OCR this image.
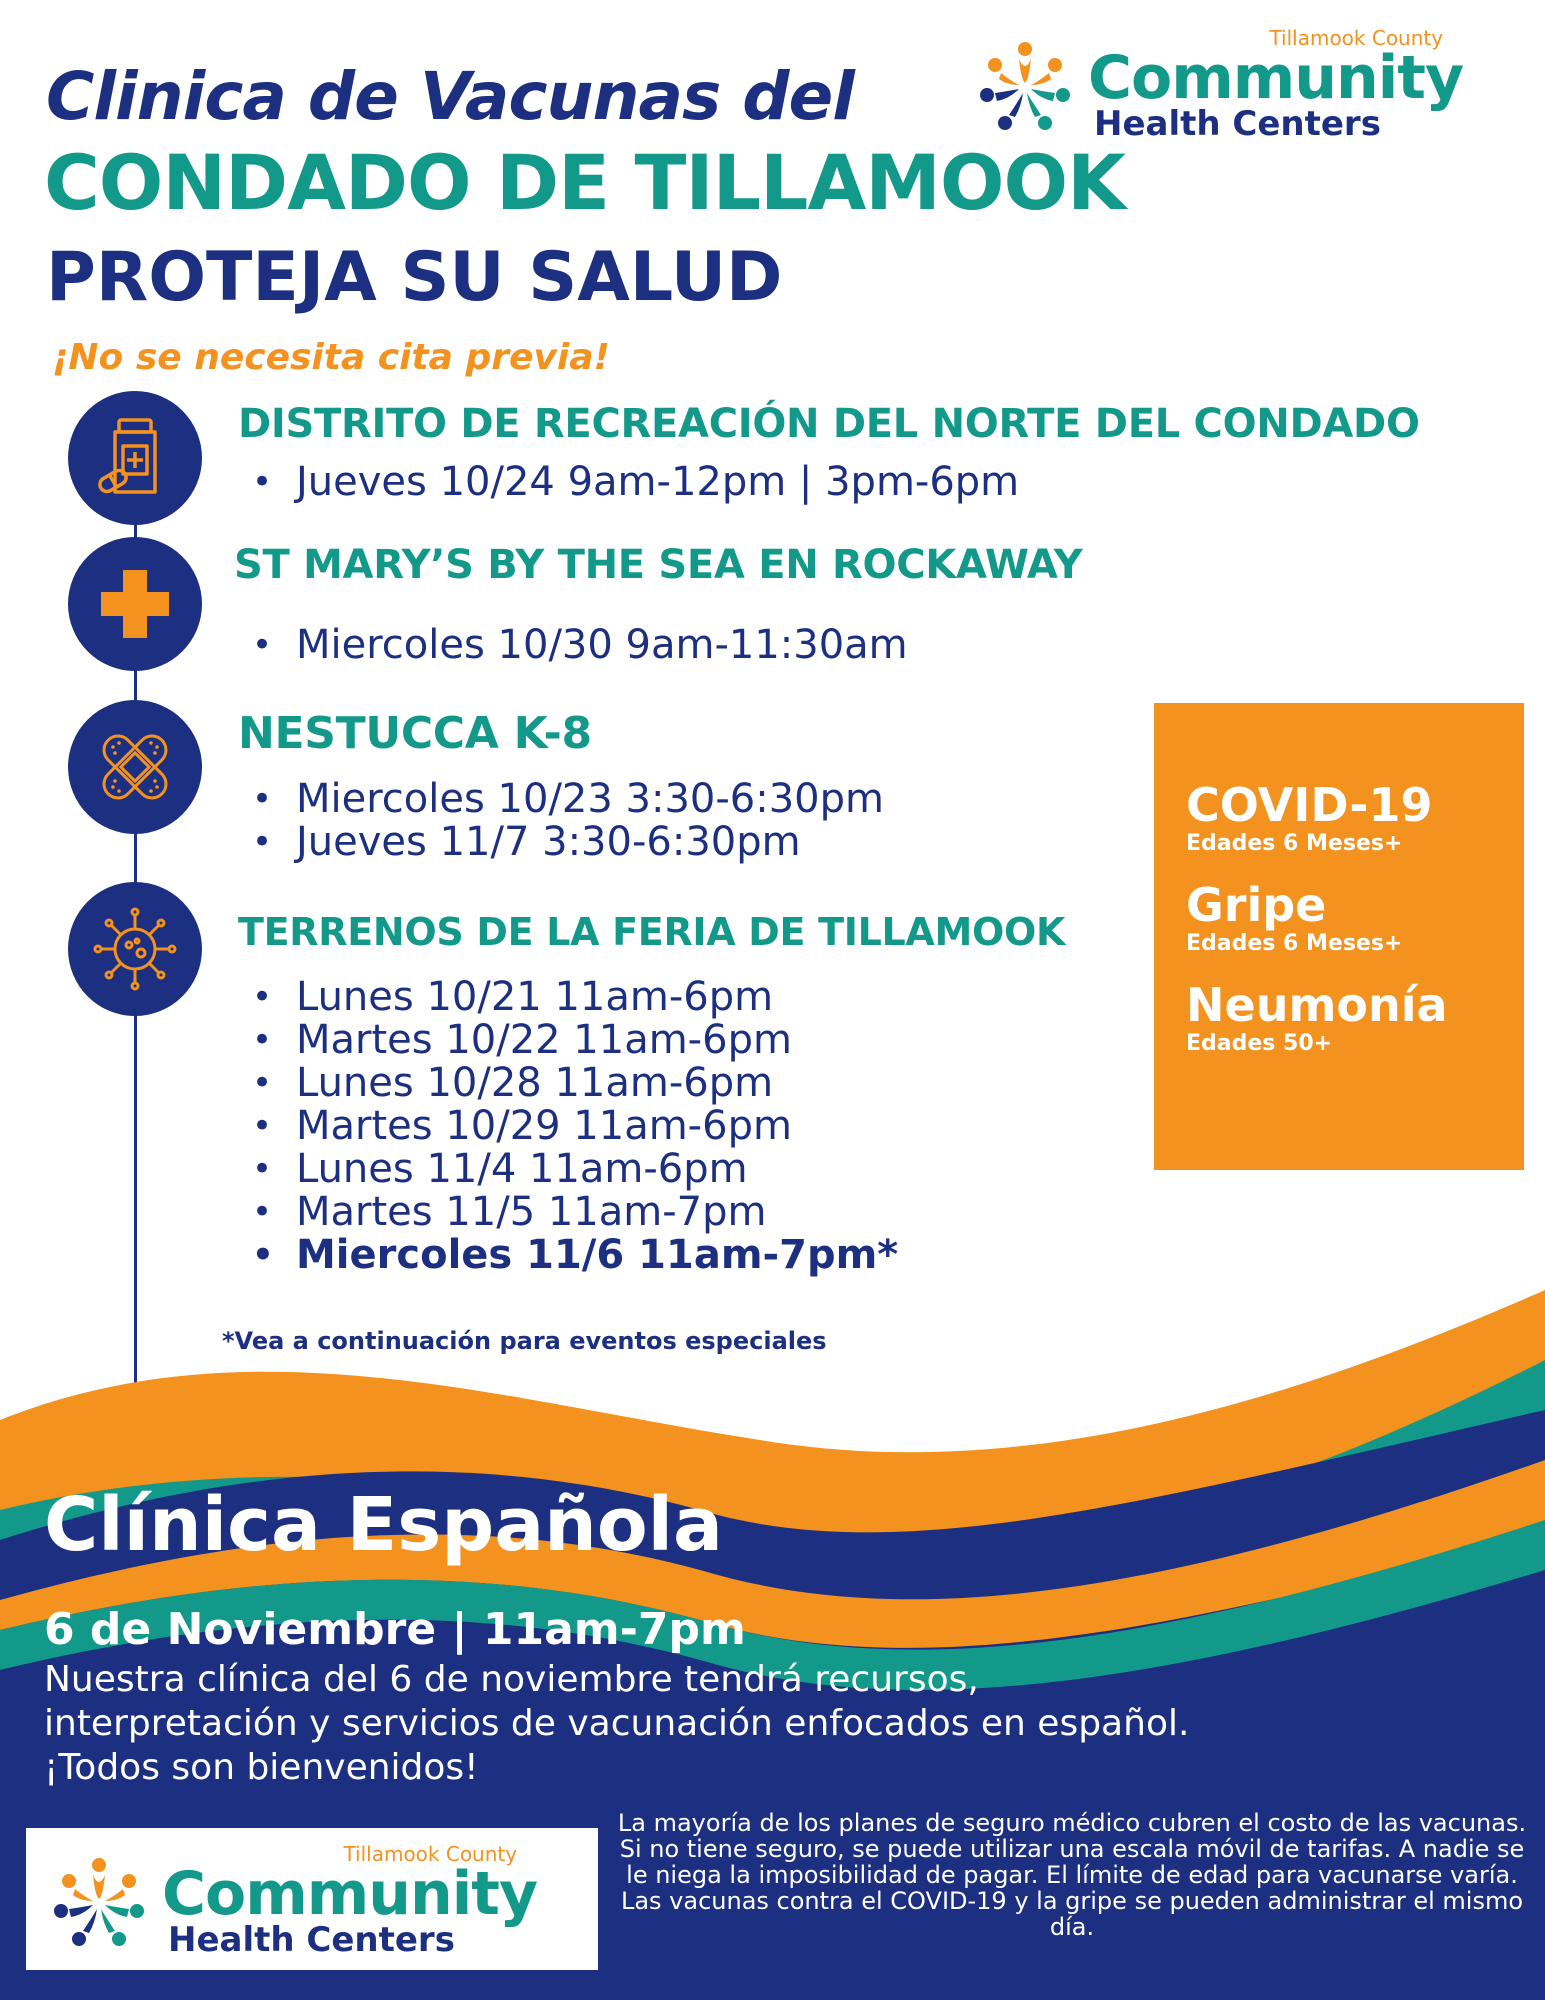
Clinica de Vacunas del
CONDADO DE TILLAMOOK
PROTEJA SU SALUD
¡No se necesita cita previa!
Tillamook County
Community
Health Centers
DISTRITO DE RECREACIÓN DEL NORTE DEL CONDADO
• Jueves 10/24 9am-12pm | 3pm-6pm
ST MARY’S BY THE SEA EN ROCKAWAY
• Miercoles 10/30 9am-11:30am
NESTUCCA K-8
• Miercoles 10/23 3:30-6:30pm
• Jueves 11/7 3:30-6:30pm
TERRENOS DE LA FERIA DE TILLAMOOK
• Lunes 10/21 11am-6pm
• Martes 10/22 11am-6pm
• Lunes 10/28 11am-6pm
• Martes 10/29 11am-6pm
• Lunes 11/4 11am-6pm
• Martes 11/5 11am-7pm
• Miercoles 11/6 11am-7pm*
*Vea a continuación para eventos especiales
COVID-19
Edades 6 Meses+
Gripe
Edades 6 Meses+
Neumonía
Edades 50+
Clínica Española
6 de Noviembre | 11am-7pm
Nuestra clínica del 6 de noviembre tendrá recursos, interpretación y servicios de vacunación enfocados en español. ¡Todos son bienvenidos!
Tillamook County
Community
Health Centers
La mayoría de los planes de seguro médico cubren el costo de las vacunas. Si no tiene seguro, se puede utilizar una escala móvil de tarifas. A nadie se le niega la imposibilidad de pagar. El límite de edad para vacunarse varía. Las vacunas contra el COVID-19 y la gripe se pueden administrar el mismo día.
